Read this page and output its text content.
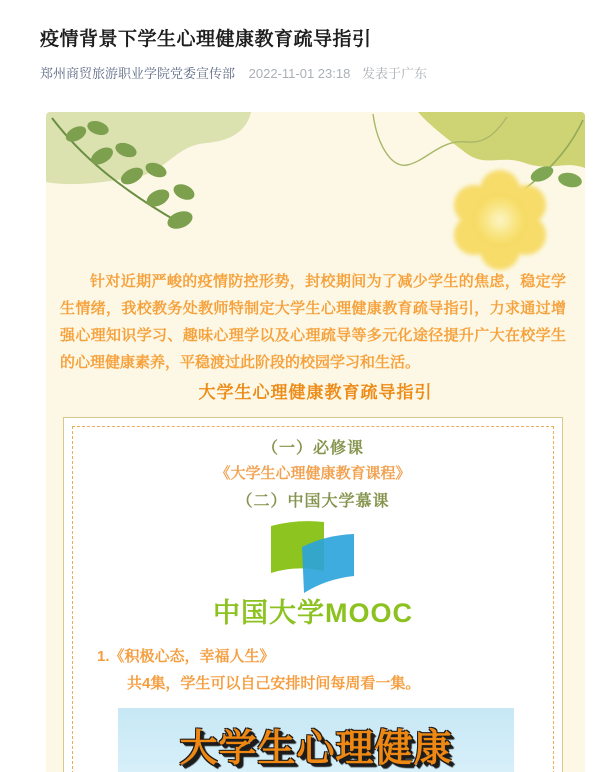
疫情背景下学生心理健康教育疏导指引
郑州商贸旅游职业学院党委宣传部 2022-11-01 23:18 发表于广东

针对近期严峻的疫情防控形势，封校期间为了减少学生的焦虑，稳定学生情绪，我校教务处教师特制定大学生心理健康教育疏导指引，力求通过增强心理知识学习、趣味心理学以及心理疏导等多元化途径提升广大在校学生的心理健康素养，平稳渡过此阶段的校园学习和生活。

大学生心理健康教育疏导指引
（一）必修课
《大学生心理健康教育课程》
（二）中国大学慕课
中国大学MOOC
1.《积极心态，幸福人生》
共4集，学生可以自己安排时间每周看一集。
大学生心理健康
